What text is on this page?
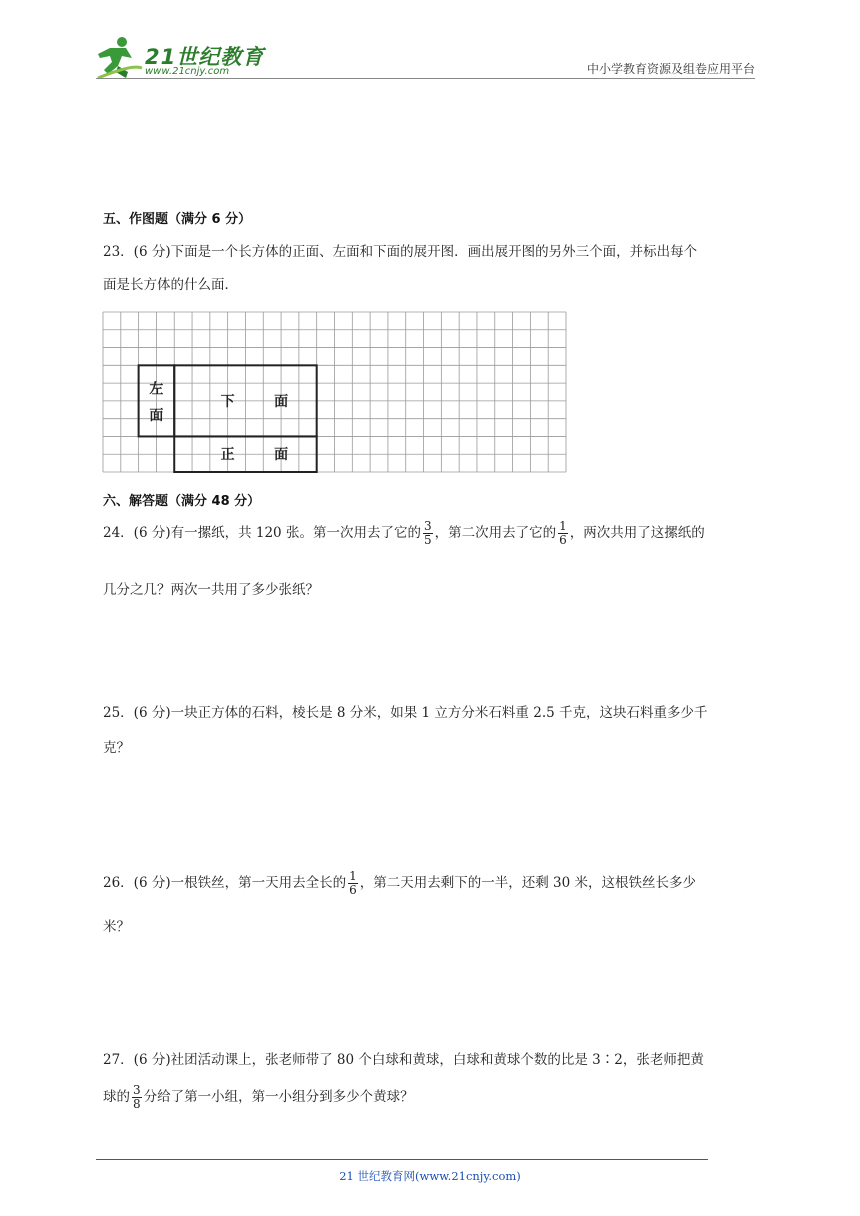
21世纪教育
www.21cnjy.com	中小学教育资源及组卷应用平台
五、作图题（满分 6 分）
23．(6 分)下面是一个长方体的正面、左面和下面的展开图．画出展开图的另外三个面，并标出每个
面是长方体的什么面．
左
面
下	面
正	面
六、解答题（满分 48 分）
24．(6 分)有一摞纸，共 120 张。第一次用去了它的 $\frac{3}{5}$ ，第二次用去了它的 $\frac{1}{6}$ ，两次共用了这摞纸的
几分之几？两次一共用了多少张纸？
25．(6 分)一块正方体的石料，棱长是 8 分米，如果 1 立方分米石料重 2.5 千克，这块石料重多少千
克？
26．(6 分)一根铁丝，第一天用去全长的 $\frac{1}{6}$ ，第二天用去剩下的一半，还剩 30 米，这根铁丝长多少
米？
27．(6 分)社团活动课上，张老师带了 80 个白球和黄球，白球和黄球个数的比是 3∶2，张老师把黄
球的 $\frac{3}{8}$ 分给了第一小组，第一小组分到多少个黄球？
21 世纪教育网(www.21cnjy.com)
